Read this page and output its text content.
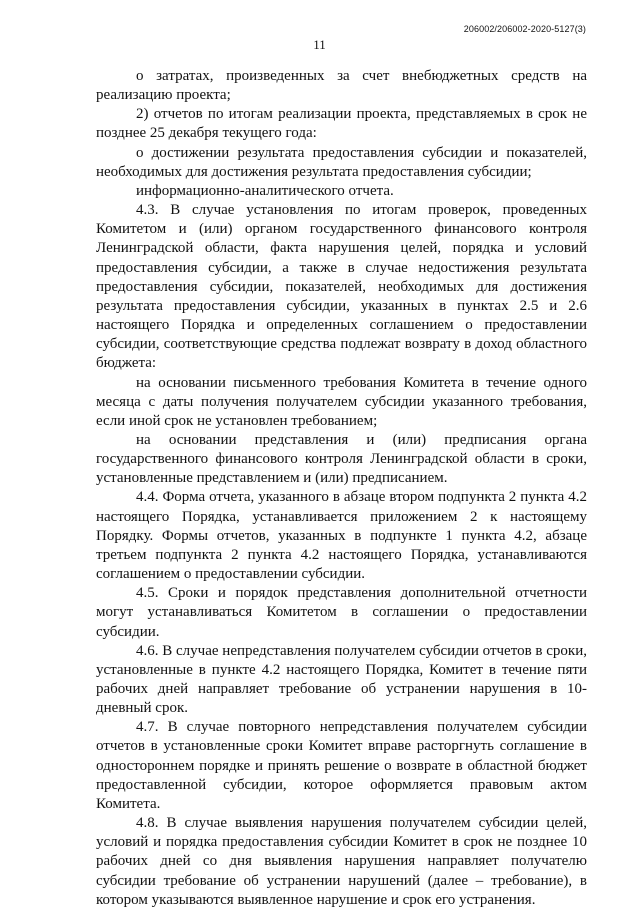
206002/206002-2020-5127(3)
11

о затратах, произведенных за счет внебюджетных средств на реализацию проекта;

2) отчетов по итогам реализации проекта, представляемых в срок не позднее 25 декабря текущего года:

о достижении результата предоставления субсидии и показателей, необходимых для достижения результата предоставления субсидии;

информационно-аналитического отчета.

4.3. В случае установления по итогам проверок, проведенных Комитетом и (или) органом государственного финансового контроля Ленинградской области, факта нарушения целей, порядка и условий предоставления субсидии, а также в случае недостижения результата предоставления субсидии, показателей, необходимых для достижения результата предоставления субсидии, указанных в пунктах 2.5 и 2.6 настоящего Порядка и определенных соглашением о предоставлении субсидии, соответствующие средства подлежат возврату в доход областного бюджета:

на основании письменного требования Комитета в течение одного месяца с даты получения получателем субсидии указанного требования, если иной срок не установлен требованием;

на основании представления и (или) предписания органа государственного финансового контроля Ленинградской области в сроки, установленные представлением и (или) предписанием.

4.4. Форма отчета, указанного в абзаце втором подпункта 2 пункта 4.2 настоящего Порядка, устанавливается приложением 2 к настоящему Порядку. Формы отчетов, указанных в подпункте 1 пункта 4.2, абзаце третьем подпункта 2 пункта 4.2 настоящего Порядка, устанавливаются соглашением о предоставлении субсидии.

4.5. Сроки и порядок представления дополнительной отчетности могут устанавливаться Комитетом в соглашении о предоставлении субсидии.

4.6. В случае непредставления получателем субсидии отчетов в сроки, установленные в пункте 4.2 настоящего Порядка, Комитет в течение пяти рабочих дней направляет требование об устранении нарушения в 10-дневный срок.

4.7. В случае повторного непредставления получателем субсидии отчетов в установленные сроки Комитет вправе расторгнуть соглашение в одностороннем порядке и принять решение о возврате в областной бюджет предоставленной субсидии, которое оформляется правовым актом Комитета.

4.8. В случае выявления нарушения получателем субсидии целей, условий и порядка предоставления субсидии Комитет в срок не позднее 10 рабочих дней со дня выявления нарушения направляет получателю субсидии требование об устранении нарушений (далее – требование), в котором указываются выявленное нарушение и срок его устранения.
